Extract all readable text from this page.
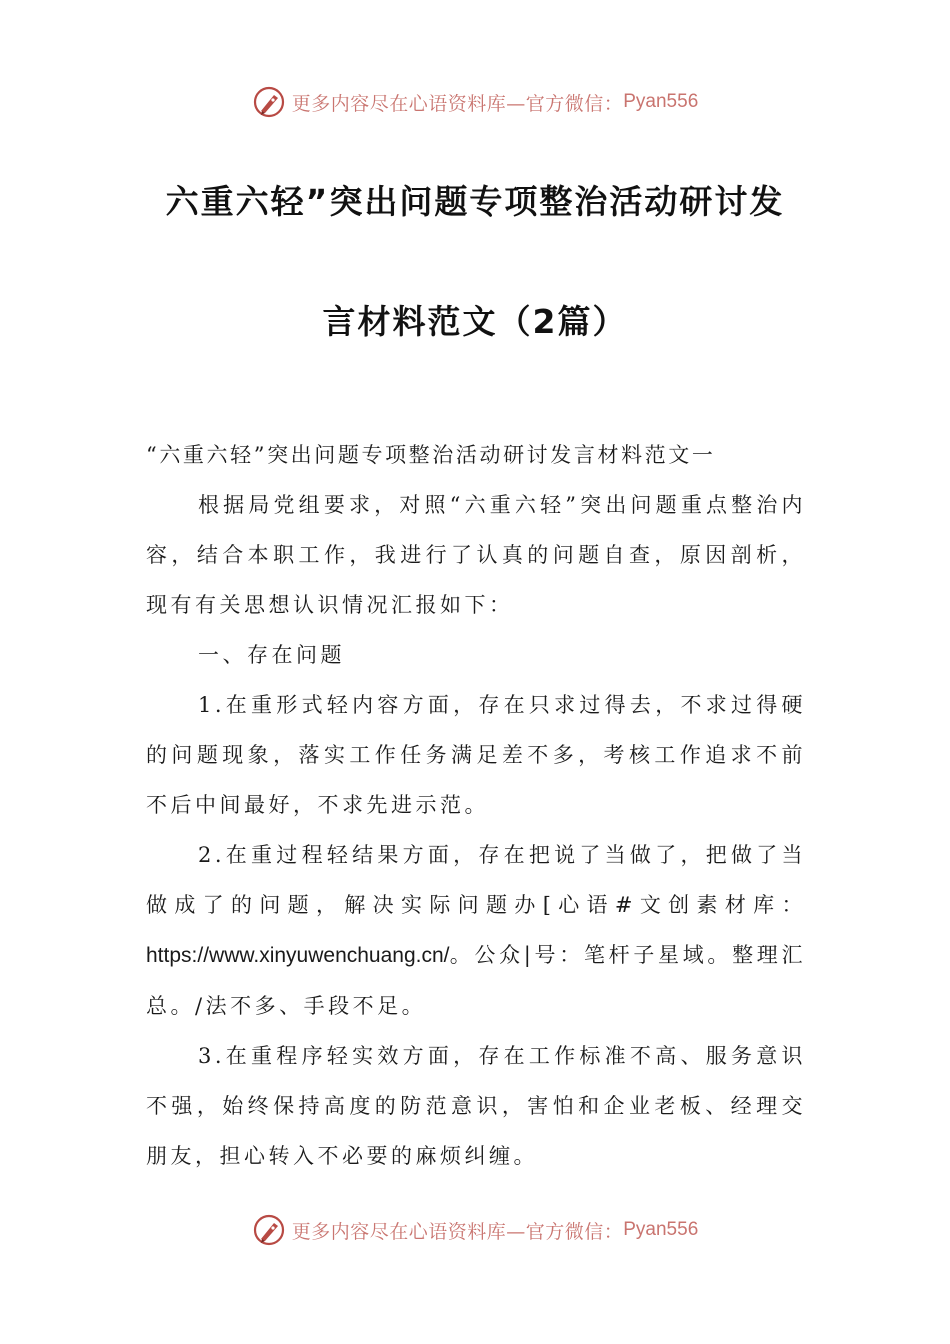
更多内容尽在心语资料库—官方微信： Pyan556
六重六轻”突出问题专项整治活动研讨发
言材料范文（2篇）

“六重六轻”突出问题专项整治活动研讨发言材料范文一

根据局党组要求，对照“六重六轻”突出问题重点整治内容，结合本职工作，我进行了认真的问题自查，原因剖析，现有有关思想认识情况汇报如下：

一、存在问题

1.在重形式轻内容方面，存在只求过得去，不求过得硬的问题现象，落实工作任务满足差不多，考核工作追求不前不后中间最好，不求先进示范。

2.在重过程轻结果方面，存在把说了当做了，把做了当做成了的问题，解决实际问题办[心语#文创素材库：https://www.xinyuwenchuang.cn/。公众|号：笔杆子星域。整理汇总。/法不多、手段不足。

3.在重程序轻实效方面，存在工作标准不高、服务意识不强，始终保持高度的防范意识，害怕和企业老板、经理交朋友，担心转入不必要的麻烦纠缠。

更多内容尽在心语资料库—官方微信： Pyan556
